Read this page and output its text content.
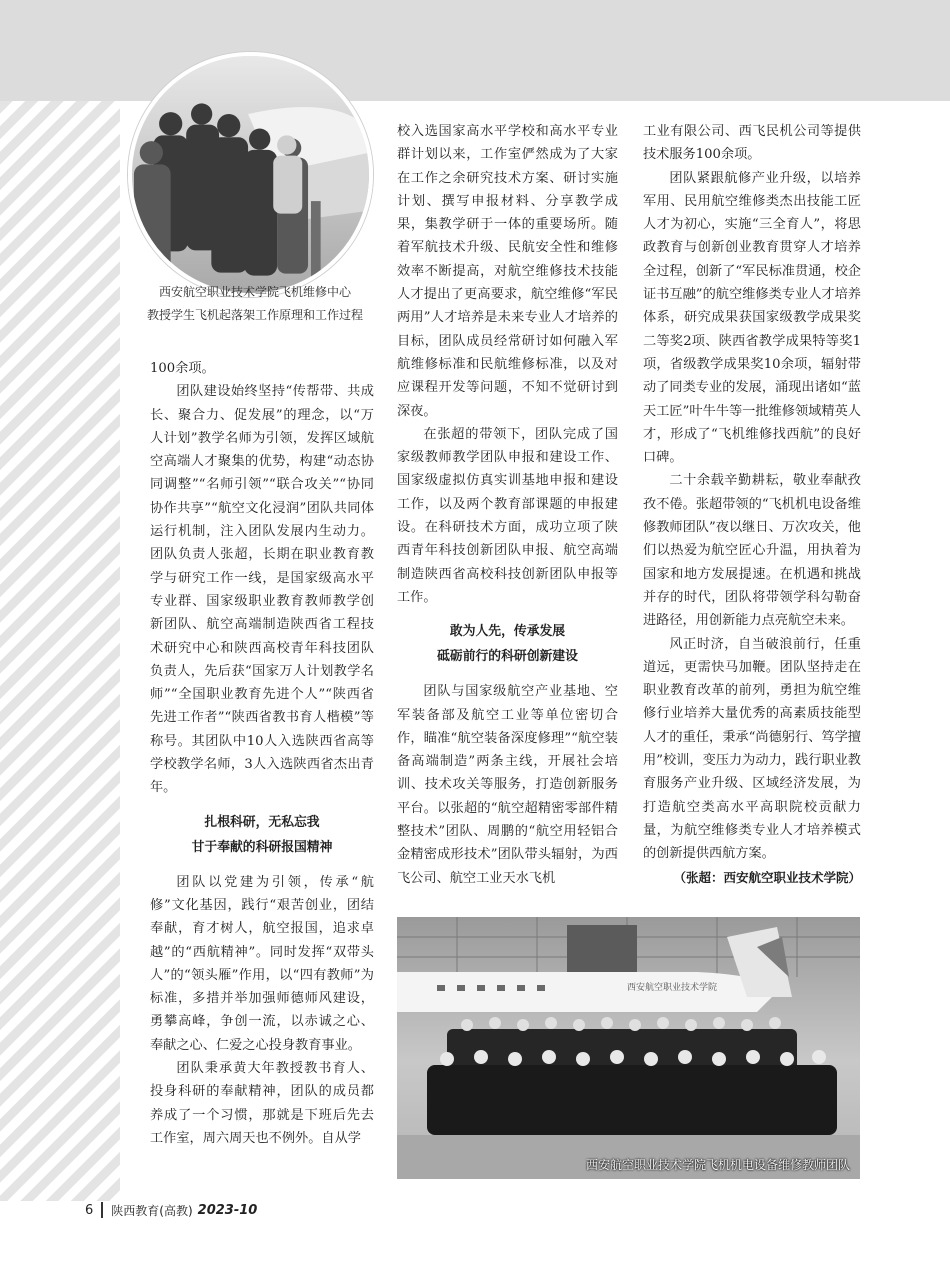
西安航空职业技术学院飞机维修中心
教授学生飞机起落架工作原理和工作过程

100余项。

团队建设始终坚持“传帮带、共成长、聚合力、促发展”的理念，以“万人计划”教学名师为引领，发挥区域航空高端人才聚集的优势，构建“动态协同调整”“名师引领”“联合攻关”“协同协作共享”“航空文化浸润”团队共同体运行机制，注入团队发展内生动力。团队负责人张超，长期在职业教育教学与研究工作一线，是国家级高水平专业群、国家级职业教育教师教学创新团队、航空高端制造陕西省工程技术研究中心和陕西高校青年科技团队负责人，先后获“国家万人计划教学名师”“全国职业教育先进个人”“陕西省先进工作者”“陕西省教书育人楷模”等称号。其团队中10人入选陕西省高等学校教学名师，3人入选陕西省杰出青年。

扎根科研，无私忘我
甘于奉献的科研报国精神

团队以党建为引领，传承“航修”文化基因，践行“艰苦创业，团结奉献，育才树人，航空报国，追求卓越”的“西航精神”。同时发挥“双带头人”的“领头雁”作用，以“四有教师”为标准，多措并举加强师德师风建设，勇攀高峰，争创一流，以赤诚之心、奉献之心、仁爱之心投身教育事业。

团队秉承黄大年教授教书育人、投身科研的奉献精神，团队的成员都养成了一个习惯，那就是下班后先去工作室，周六周天也不例外。自从学

校入选国家高水平学校和高水平专业群计划以来，工作室俨然成为了大家在工作之余研究技术方案、研讨实施计划、撰写申报材料、分享教学成果，集教学研于一体的重要场所。随着军航技术升级、民航安全性和维修效率不断提高，对航空维修技术技能人才提出了更高要求，航空维修“军民两用”人才培养是未来专业人才培养的目标，团队成员经常研讨如何融入军航维修标准和民航维修标准，以及对应课程开发等问题，不知不觉研讨到深夜。

在张超的带领下，团队完成了国家级教师教学团队申报和建设工作、国家级虚拟仿真实训基地申报和建设工作，以及两个教育部课题的申报建设。在科研技术方面，成功立项了陕西青年科技创新团队申报、航空高端制造陕西省高校科技创新团队申报等工作。

敢为人先，传承发展
砥砺前行的科研创新建设

团队与国家级航空产业基地、空军装备部及航空工业等单位密切合作，瞄准“航空装备深度修理”“航空装备高端制造”两条主线，开展社会培训、技术攻关等服务，打造创新服务平台。以张超的“航空超精密零部件精整技术”团队、周鹏的“航空用轻铝合金精密成形技术”团队带头辐射，为西飞公司、航空工业天水飞机

工业有限公司、西飞民机公司等提供技术服务100余项。

团队紧跟航修产业升级，以培养军用、民用航空维修类杰出技能工匠人才为初心，实施“三全育人”，将思政教育与创新创业教育贯穿人才培养全过程，创新了“军民标准贯通，校企证书互融”的航空维修类专业人才培养体系，研究成果获国家级教学成果奖二等奖2项、陕西省教学成果特等奖1项，省级教学成果奖10余项，辐射带动了同类专业的发展，涌现出诸如“蓝天工匠”叶牛牛等一批维修领域精英人才，形成了“飞机维修找西航”的良好口碑。

二十余载辛勤耕耘，敬业奉献孜孜不倦。张超带领的“飞机机电设备维修教师团队”夜以继日、万次攻关，他们以热爱为航空匠心升温，用执着为国家和地方发展提速。在机遇和挑战并存的时代，团队将带领学科勾勒奋进路径，用创新能力点亮航空未来。

风正时济，自当破浪前行，任重道远，更需快马加鞭。团队坚持走在职业教育改革的前列，勇担为航空维修行业培养大量优秀的高素质技能型人才的重任，秉承“尚德躬行、笃学擅用”校训，变压力为动力，践行职业教育服务产业升级、区域经济发展，为打造航空类高水平高职院校贡献力量，为航空维修类专业人才培养模式的创新提供西航方案。

（张超：西安航空职业技术学院）

西安航空职业技术学院
西安航空职业技术学院飞机机电设备维修教师团队
6 陕西教育(高教) 2023-10
